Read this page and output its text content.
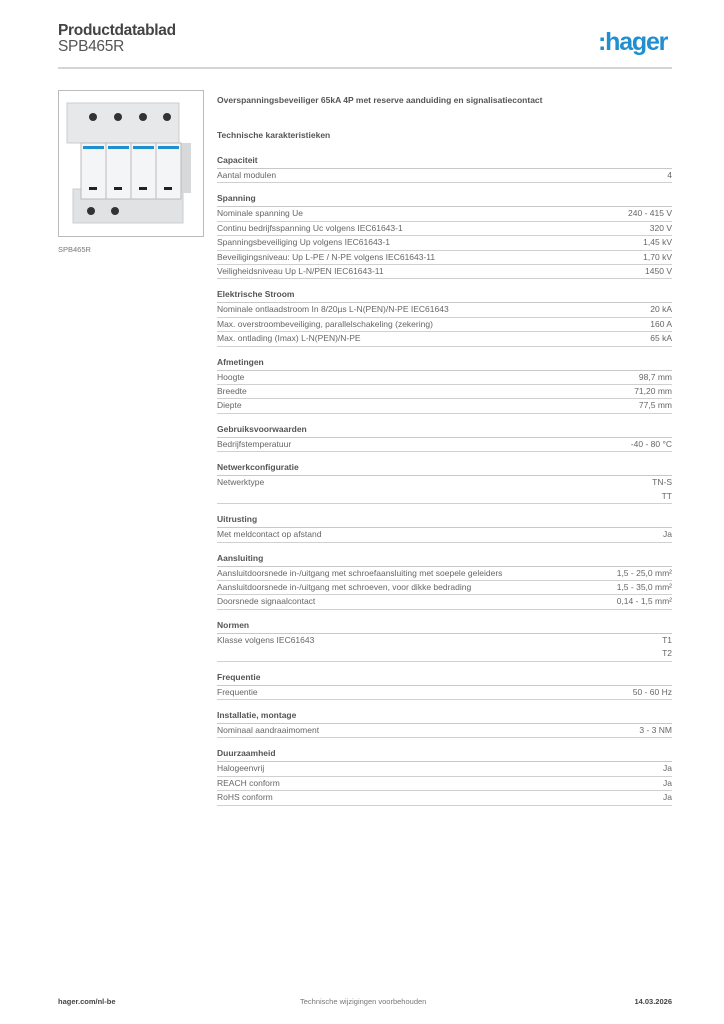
Productdatablad
SPB465R	:hager
SPB465R
Overspanningsbeveiliger 65kA 4P met reserve aanduiding en signalisatiecontact
Technische karakteristieken
Capaciteit
Aantal modulen	4
Spanning
Nominale spanning Ue	240 - 415 V
Continu bedrijfsspanning Uc volgens IEC61643-1	320 V
Spanningsbeveiliging Up volgens IEC61643-1	1,45 kV
Beveiligingsniveau: Up L-PE / N-PE volgens IEC61643-11	1,70 kV
Veiligheidsniveau Up L-N/PEN IEC61643-11	1450 V
Elektrische Stroom
Nominale ontlaadstroom In 8/20µs L-N(PEN)/N-PE IEC61643	20 kA
Max. overstroombeveiliging, parallelschakeling (zekering)	160 A
Max. ontlading (Imax) L-N(PEN)/N-PE	65 kA
Afmetingen
Hoogte	98,7 mm
Breedte	71,20 mm
Diepte	77,5 mm
Gebruiksvoorwaarden
Bedrijfstemperatuur	-40 - 80 °C
Netwerkconfiguratie
Netwerktype	TN-S
TT
Uitrusting
Met meldcontact op afstand	Ja
Aansluiting
Aansluitdoorsnede in-/uitgang met schroefaansluiting met soepele geleiders	1,5 - 25,0 mm²
Aansluitdoorsnede in-/uitgang met schroeven, voor dikke bedrading	1,5 - 35,0 mm²
Doorsnede signaalcontact	0,14 - 1,5 mm²
Normen
Klasse volgens IEC61643	T1
T2
Frequentie
Frequentie	50 - 60 Hz
Installatie, montage
Nominaal aandraaimoment	3 - 3 NM
Duurzaamheid
Halogeenvrij	Ja
REACH conform	Ja
RoHS conform	Ja
hager.com/nl-be	Technische wijzigingen voorbehouden	14.03.2026
